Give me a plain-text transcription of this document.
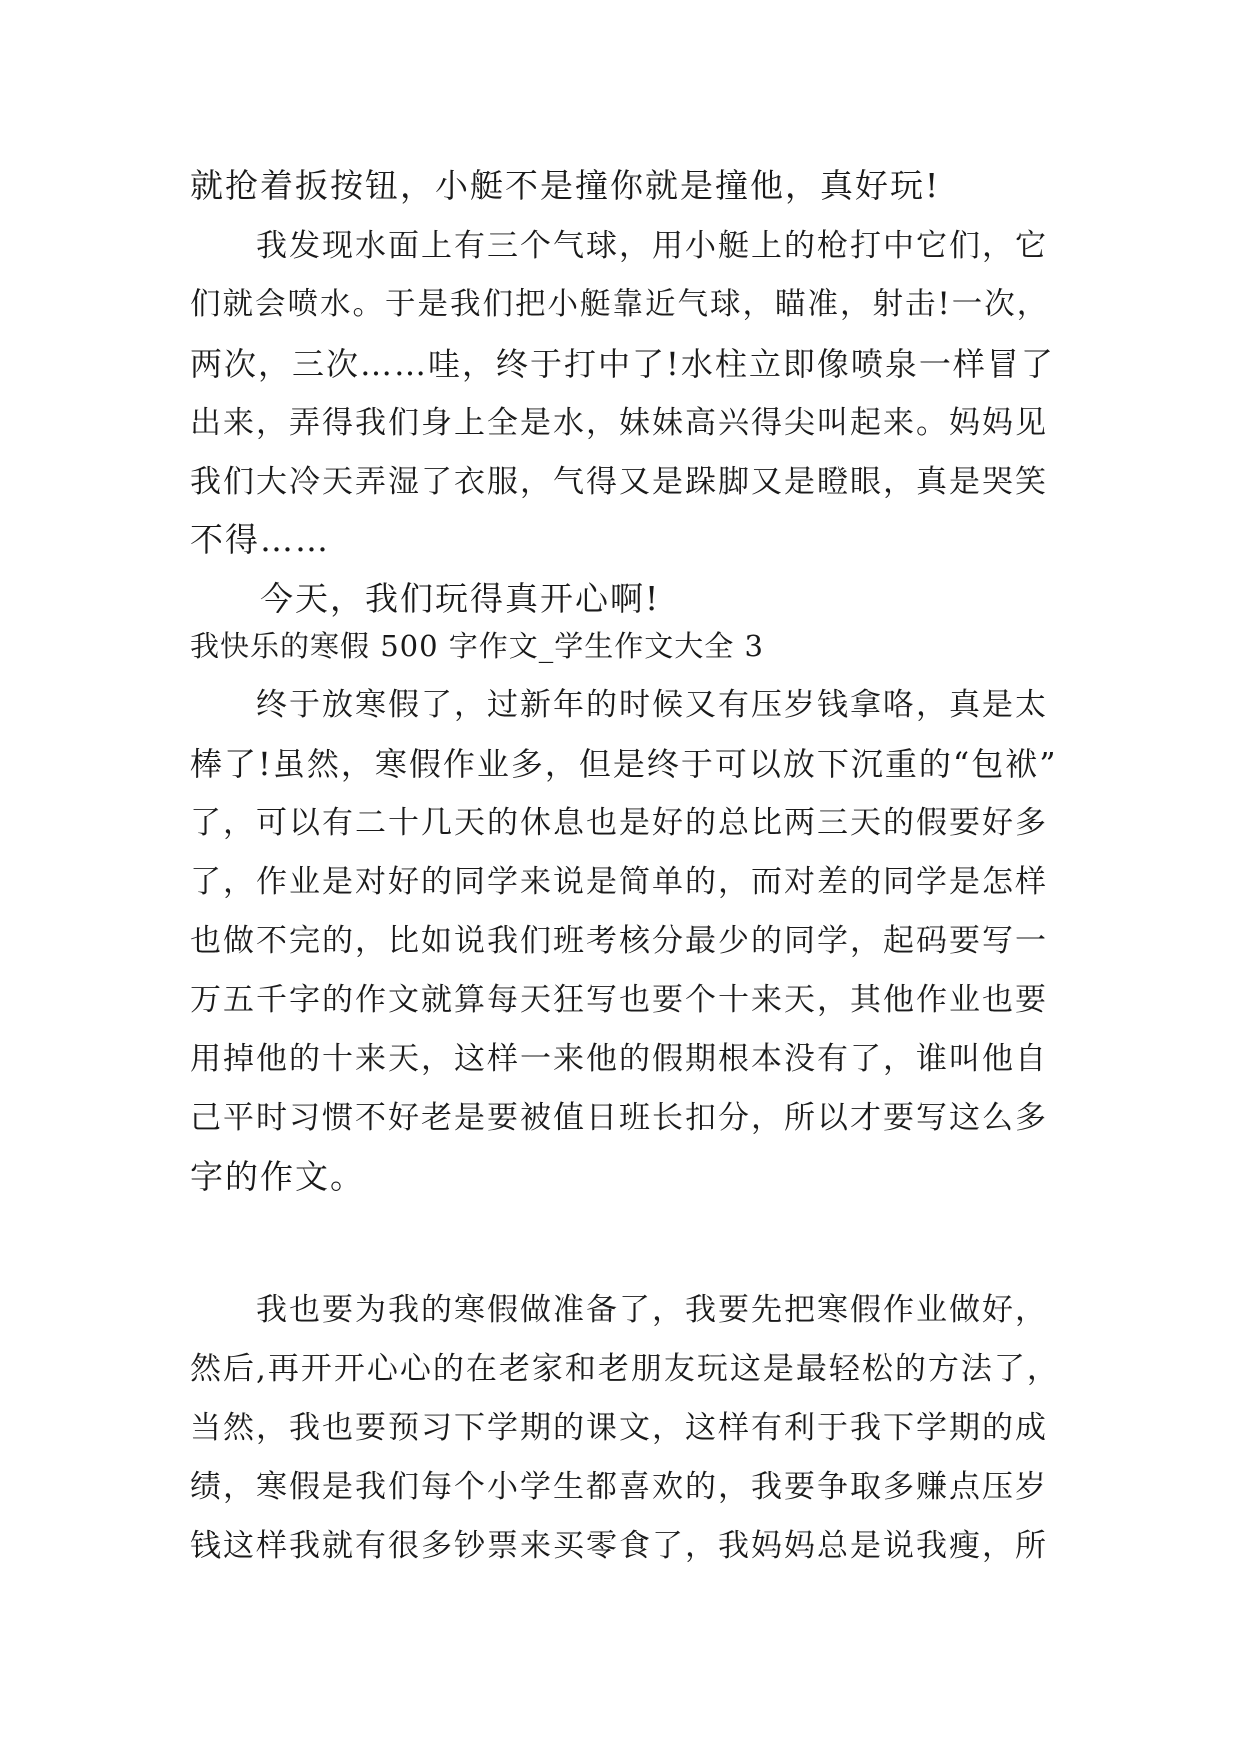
就抢着扳按钮，小艇不是撞你就是撞他，真好玩!
　　我发现水面上有三个气球，用小艇上的枪打中它们，它
们就会喷水。于是我们把小艇靠近气球，瞄准，射击!一次，
两次，三次……哇，终于打中了!水柱立即像喷泉一样冒了
出来，弄得我们身上全是水，妹妹高兴得尖叫起来。妈妈见
我们大冷天弄湿了衣服，气得又是跺脚又是瞪眼，真是哭笑
不得……
　　今天，我们玩得真开心啊!
我快乐的寒假 500 字作文_学生作文大全 3
　　终于放寒假了，过新年的时候又有压岁钱拿咯，真是太
棒了!虽然，寒假作业多，但是终于可以放下沉重的“包袱”
了，可以有二十几天的休息也是好的总比两三天的假要好多
了，作业是对好的同学来说是简单的，而对差的同学是怎样
也做不完的，比如说我们班考核分最少的同学，起码要写一
万五千字的作文就算每天狂写也要个十来天，其他作业也要
用掉他的十来天，这样一来他的假期根本没有了，谁叫他自
己平时习惯不好老是要被值日班长扣分，所以才要写这么多
字的作文。
　　我也要为我的寒假做准备了，我要先把寒假作业做好，
然后,再开开心心的在老家和老朋友玩这是最轻松的方法了，
当然，我也要预习下学期的课文，这样有利于我下学期的成
绩，寒假是我们每个小学生都喜欢的，我要争取多赚点压岁
钱这样我就有很多钞票来买零食了，我妈妈总是说我瘦，所
